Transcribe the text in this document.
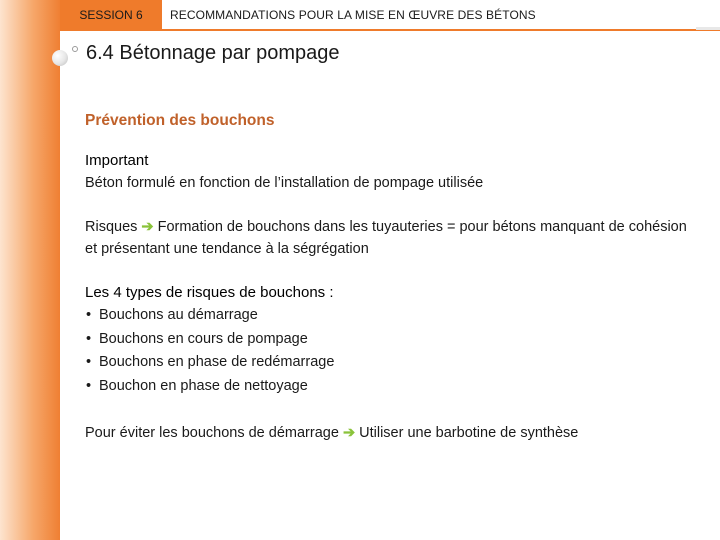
SESSION 6	RECOMMANDATIONS POUR LA MISE EN ŒUVRE DES BÉTONS
6.4 Bétonnage par pompage
Prévention des bouchons

Important

Béton formulé en fonction de l’installation de pompage utilisée

Risques ➔ Formation de bouchons dans les tuyauteries = pour bétons manquant de cohésion et présentant une tendance à la ségrégation

Les 4 types de risques de bouchons :

• Bouchons au démarrage
• Bouchons en cours de pompage
• Bouchons en phase de redémarrage
• Bouchon en phase de nettoyage

Pour éviter les bouchons de démarrage ➔ Utiliser une barbotine de synthèse
